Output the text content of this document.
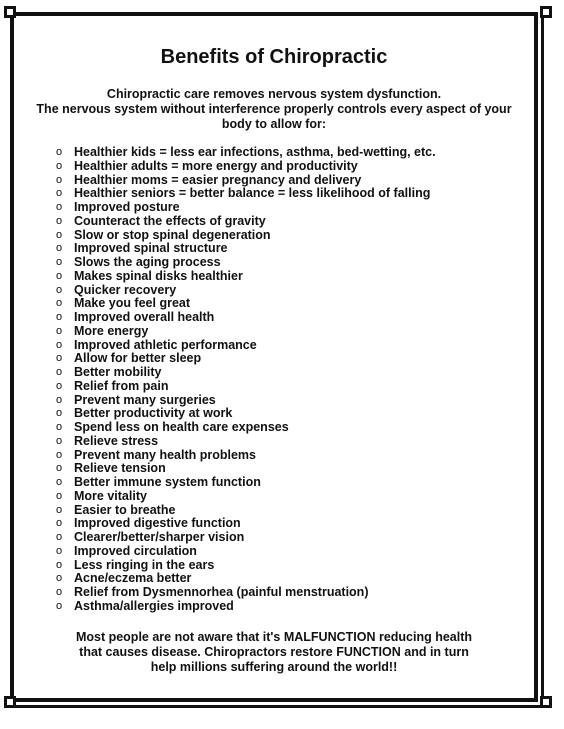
Benefits of Chiropractic
Chiropractic care removes nervous system dysfunction.
The nervous system without interference properly controls every aspect of your
body to allow for:
o Healthier kids = less ear infections, asthma, bed-wetting, etc.
o Healthier adults = more energy and productivity
o Healthier moms = easier pregnancy and delivery
o Healthier seniors = better balance = less likelihood of falling
o Improved posture
o Counteract the effects of gravity
o Slow or stop spinal degeneration
o Improved spinal structure
o Slows the aging process
o Makes spinal disks healthier
o Quicker recovery
o Make you feel great
o Improved overall health
o More energy
o Improved athletic performance
o Allow for better sleep
o Better mobility
o Relief from pain
o Prevent many surgeries
o Better productivity at work
o Spend less on health care expenses
o Relieve stress
o Prevent many health problems
o Relieve tension
o Better immune system function
o More vitality
o Easier to breathe
o Improved digestive function
o Clearer/better/sharper vision
o Improved circulation
o Less ringing in the ears
o Acne/eczema better
o Relief from Dysmennorhea (painful menstruation)
o Asthma/allergies improved
Most people are not aware that it's MALFUNCTION reducing health
that causes disease. Chiropractors restore FUNCTION and in turn
help millions suffering around the world!!
